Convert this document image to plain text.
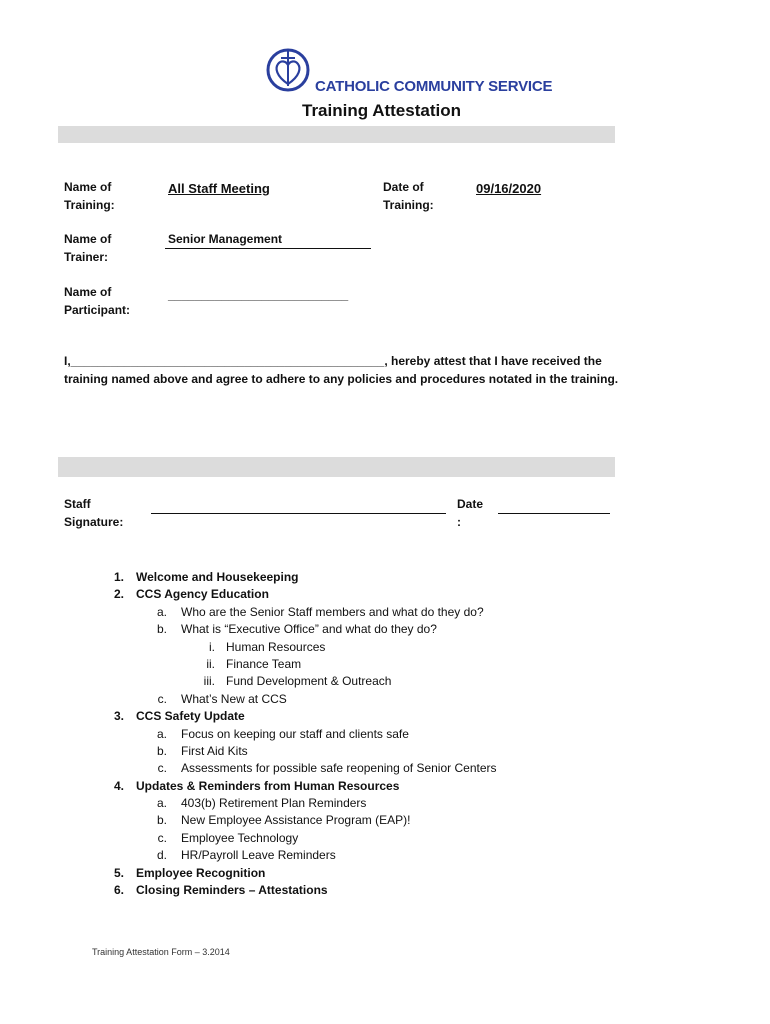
CATHOLIC COMMUNITY SERVICE
Training Attestation
Name of
Training:
All Staff Meeting	Date of
Training:
09/16/2020
Name of
Trainer:
Senior Management
Name of
Participant:
___________________________
I,_______________________________________________, hereby attest that I have received the training named above and agree to adhere to any policies and procedures notated in the training.
Staff
Signature:
Date
:
1. Welcome and Housekeeping
2. CCS Agency Education
a. Who are the Senior Staff members and what do they do?
b. What is “Executive Office” and what do they do?
i. Human Resources
ii. Finance Team
iii. Fund Development & Outreach
c. What’s New at CCS
3. CCS Safety Update
a. Focus on keeping our staff and clients safe
b. First Aid Kits
c. Assessments for possible safe reopening of Senior Centers
4. Updates & Reminders from Human Resources
a. 403(b) Retirement Plan Reminders
b. New Employee Assistance Program (EAP)!
c. Employee Technology
d. HR/Payroll Leave Reminders
5. Employee Recognition
6. Closing Reminders – Attestations
Training Attestation Form – 3.2014
